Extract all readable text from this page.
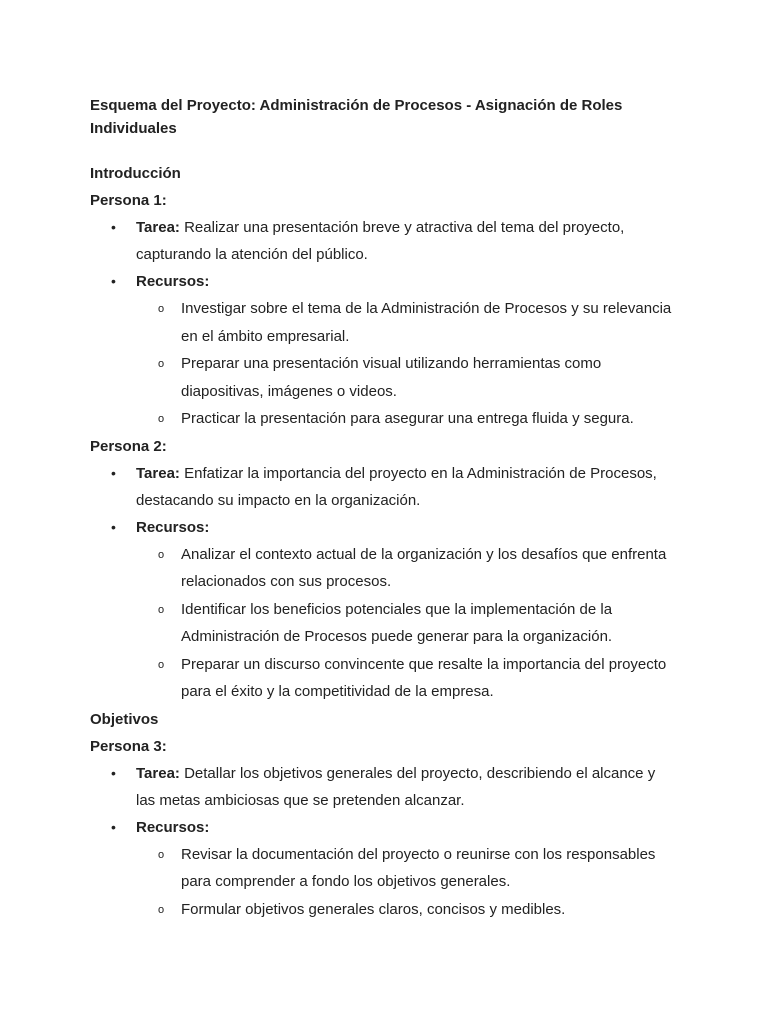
Esquema del Proyecto: Administración de Procesos - Asignación de Roles Individuales

Introducción

Persona 1:

• Tarea: Realizar una presentación breve y atractiva del tema del proyecto, capturando la atención del público.
• Recursos:
o Investigar sobre el tema de la Administración de Procesos y su relevancia en el ámbito empresarial.
o Preparar una presentación visual utilizando herramientas como diapositivas, imágenes o videos.
o Practicar la presentación para asegurar una entrega fluida y segura.

Persona 2:

• Tarea: Enfatizar la importancia del proyecto en la Administración de Procesos, destacando su impacto en la organización.
• Recursos:
o Analizar el contexto actual de la organización y los desafíos que enfrenta relacionados con sus procesos.
o Identificar los beneficios potenciales que la implementación de la Administración de Procesos puede generar para la organización.
o Preparar un discurso convincente que resalte la importancia del proyecto para el éxito y la competitividad de la empresa.

Objetivos

Persona 3:

• Tarea: Detallar los objetivos generales del proyecto, describiendo el alcance y las metas ambiciosas que se pretenden alcanzar.
• Recursos:
o Revisar la documentación del proyecto o reunirse con los responsables para comprender a fondo los objetivos generales.
o Formular objetivos generales claros, concisos y medibles.
